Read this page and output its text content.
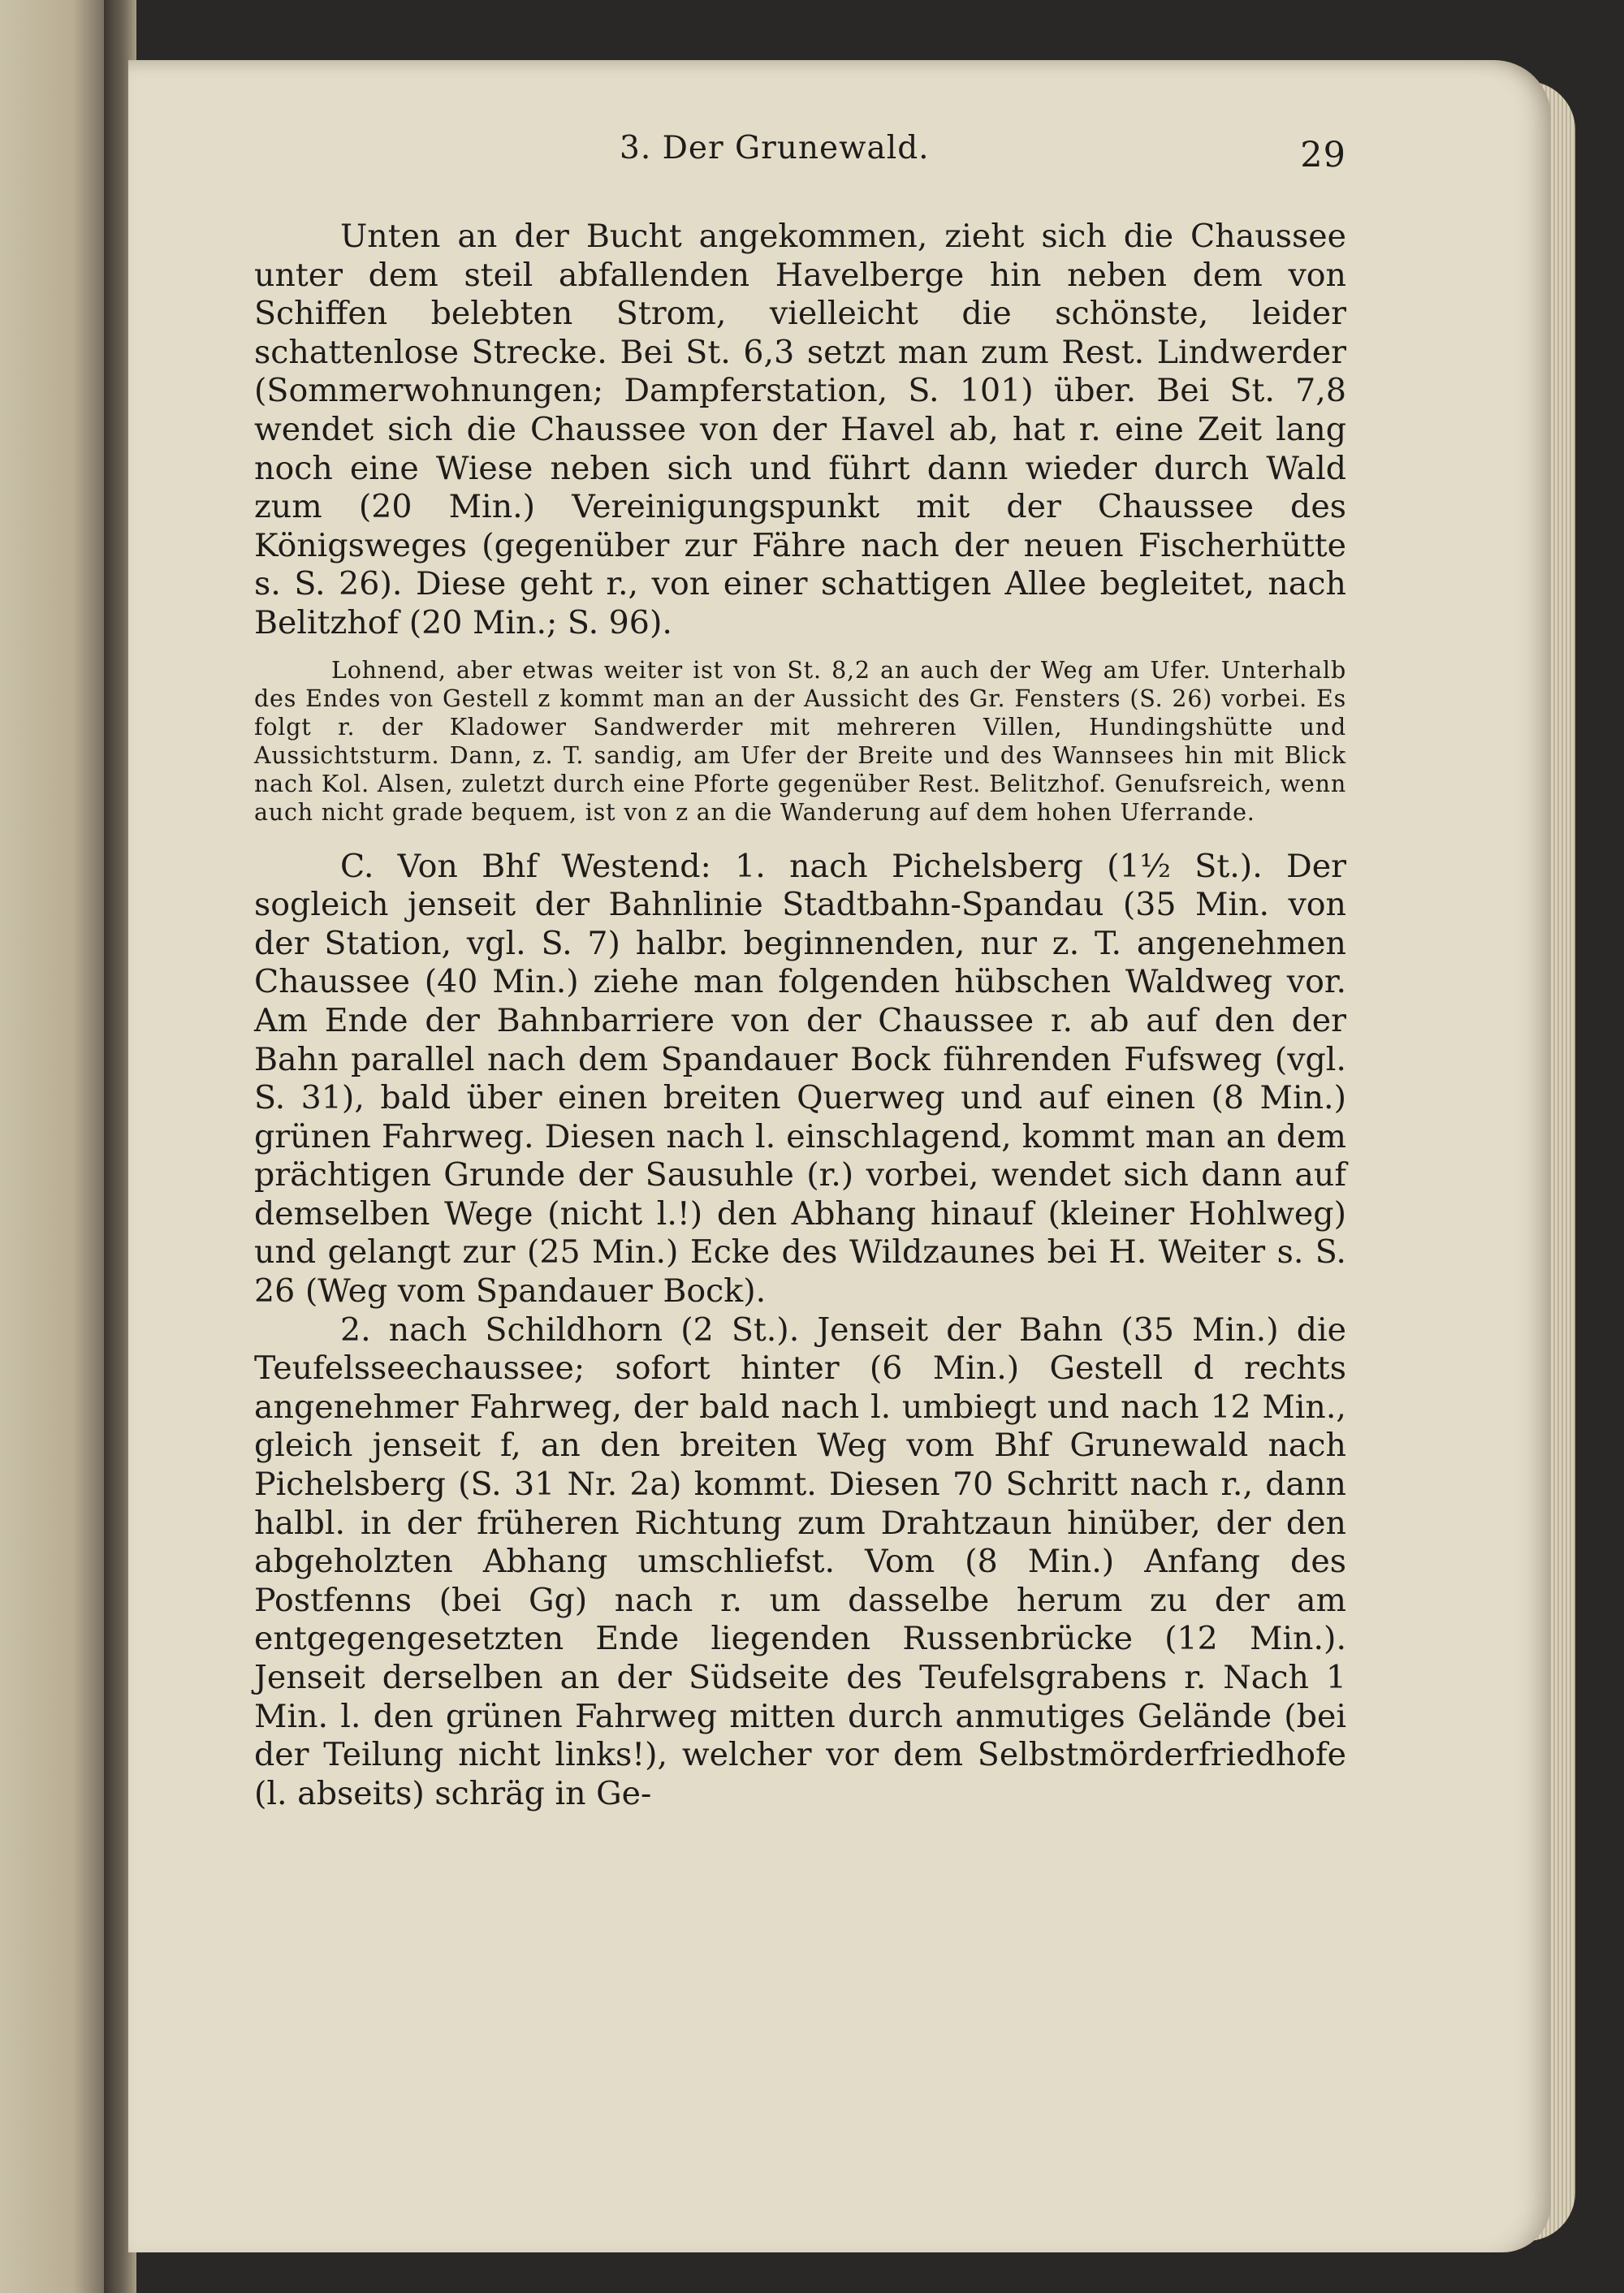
3. Der Grunewald.	29

Unten an der Bucht angekommen, zieht sich die Chaussee unter dem steil abfallenden Havelberge hin neben dem von Schiffen belebten Strom, vielleicht die schönste, leider schattenlose Strecke. Bei St. 6,3 setzt man zum Rest. Lindwerder (Sommerwohnungen; Dampferstation, S. 101) über. Bei St. 7,8 wendet sich die Chaussee von der Havel ab, hat r. eine Zeit lang noch eine Wiese neben sich und führt dann wieder durch Wald zum (20 Min.) Vereinigungspunkt mit der Chaussee des Königsweges (gegenüber zur Fähre nach der neuen Fischerhütte s. S. 26). Diese geht r., von einer schattigen Allee begleitet, nach Belitzhof (20 Min.; S. 96).

Lohnend, aber etwas weiter ist von St. 8,2 an auch der Weg am Ufer. Unterhalb des Endes von Gestell z kommt man an der Aussicht des Gr. Fensters (S. 26) vorbei. Es folgt r. der Kladower Sandwerder mit mehreren Villen, Hundingshütte und Aussichtsturm. Dann, z. T. sandig, am Ufer der Breite und des Wannsees hin mit Blick nach Kol. Alsen, zuletzt durch eine Pforte gegenüber Rest. Belitzhof. Genufsreich, wenn auch nicht grade bequem, ist von z an die Wanderung auf dem hohen Uferrande.

C. Von Bhf Westend: 1. nach Pichelsberg (1½ St.). Der sogleich jenseit der Bahnlinie Stadtbahn-Spandau (35 Min. von der Station, vgl. S. 7) halbr. beginnenden, nur z. T. angenehmen Chaussee (40 Min.) ziehe man folgenden hübschen Waldweg vor. Am Ende der Bahnbarriere von der Chaussee r. ab auf den der Bahn parallel nach dem Spandauer Bock führenden Fufsweg (vgl. S. 31), bald über einen breiten Querweg und auf einen (8 Min.) grünen Fahrweg. Diesen nach l. einschlagend, kommt man an dem prächtigen Grunde der Sausuhle (r.) vorbei, wendet sich dann auf demselben Wege (nicht l.!) den Abhang hinauf (kleiner Hohlweg) und gelangt zur (25 Min.) Ecke des Wildzaunes bei H. Weiter s. S. 26 (Weg vom Spandauer Bock).

2. nach Schildhorn (2 St.). Jenseit der Bahn (35 Min.) die Teufelsseechaussee; sofort hinter (6 Min.) Gestell d rechts angenehmer Fahrweg, der bald nach l. umbiegt und nach 12 Min., gleich jenseit f, an den breiten Weg vom Bhf Grunewald nach Pichelsberg (S. 31 Nr. 2a) kommt. Diesen 70 Schritt nach r., dann halbl. in der früheren Richtung zum Drahtzaun hinüber, der den abgeholzten Abhang umschliefst. Vom (8 Min.) Anfang des Postfenns (bei Gg) nach r. um dasselbe herum zu der am entgegengesetzten Ende liegenden Russenbrücke (12 Min.). Jenseit derselben an der Südseite des Teufelsgrabens r. Nach 1 Min. l. den grünen Fahrweg mitten durch anmutiges Gelände (bei der Teilung nicht links!), welcher vor dem Selbstmörderfriedhofe (l. abseits) schräg in Ge-
